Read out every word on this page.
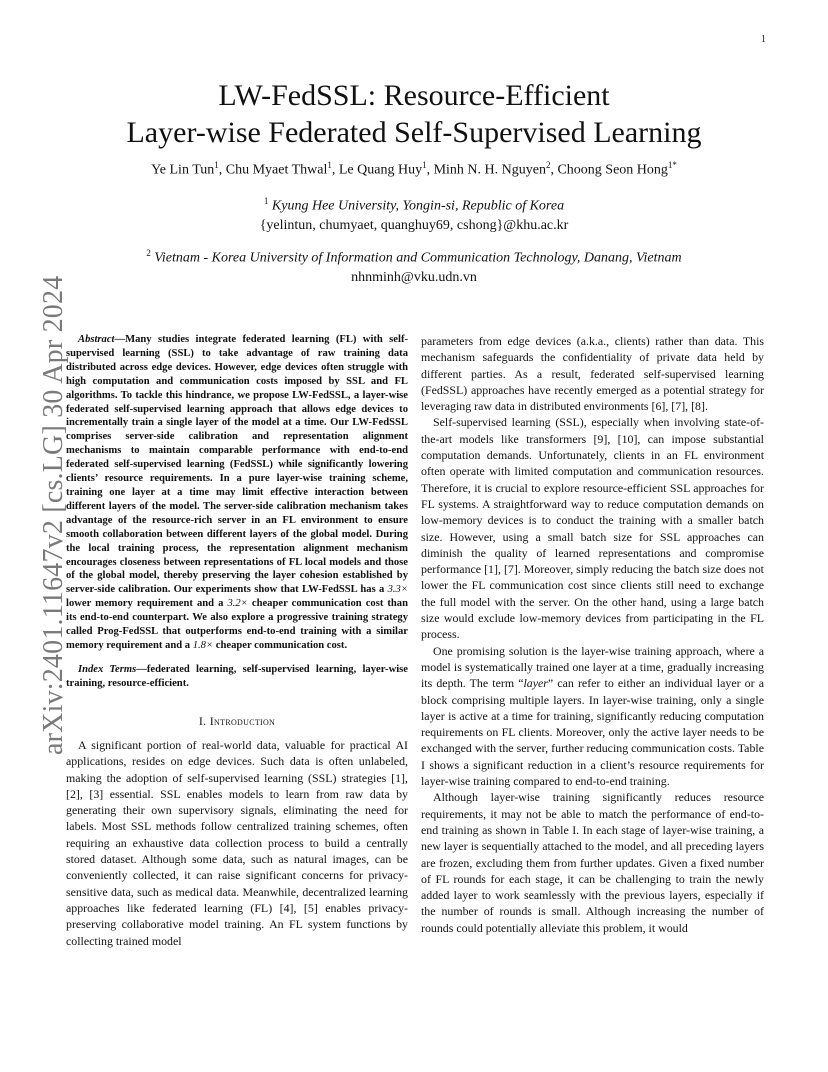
1
arXiv:2401.11647v2 [cs.LG] 30 Apr 2024
LW-FedSSL: Resource-Efficient
Layer-wise Federated Self-Supervised Learning
Ye Lin Tun$^1$, Chu Myaet Thwal$^1$, Le Quang Huy$^1$, Minh N. H. Nguyen$^2$, Choong Seon Hong$^{1*}$
$^1$ Kyung Hee University, Yongin-si, Republic of Korea
{yelintun, chumyaet, quanghuy69, cshong}@khu.ac.kr
$^2$ Vietnam - Korea University of Information and Communication Technology, Danang, Vietnam
nhnminh@vku.udn.vn

Abstract—Many studies integrate federated learning (FL) with self-supervised learning (SSL) to take advantage of raw training data distributed across edge devices. However, edge devices often struggle with high computation and communication costs imposed by SSL and FL algorithms. To tackle this hindrance, we propose LW-FedSSL, a layer-wise federated self-supervised learning approach that allows edge devices to incrementally train a single layer of the model at a time. Our LW-FedSSL comprises server-side calibration and representation alignment mechanisms to maintain comparable performance with end-to-end federated self-supervised learning (FedSSL) while significantly lowering clients’ resource requirements. In a pure layer-wise training scheme, training one layer at a time may limit effective interaction between different layers of the model. The server-side calibration mechanism takes advantage of the resource-rich server in an FL environment to ensure smooth collaboration between different layers of the global model. During the local training process, the representation alignment mechanism encourages closeness between representations of FL local models and those of the global model, thereby preserving the layer cohesion established by server-side calibration. Our experiments show that LW-FedSSL has a 3.3× lower memory requirement and a 3.2× cheaper communication cost than its end-to-end counterpart. We also explore a progressive training strategy called Prog-FedSSL that outperforms end-to-end training with a similar memory requirement and a 1.8× cheaper communication cost.

Index Terms—federated learning, self-supervised learning, layer-wise training, resource-efficient.

I. Introduction

A significant portion of real-world data, valuable for practical AI applications, resides on edge devices. Such data is often unlabeled, making the adoption of self-supervised learning (SSL) strategies [1], [2], [3] essential. SSL enables models to learn from raw data by generating their own supervisory signals, eliminating the need for labels. Most SSL methods follow centralized training schemes, often requiring an exhaustive data collection process to build a centrally stored dataset. Although some data, such as natural images, can be conveniently collected, it can raise significant concerns for privacy-sensitive data, such as medical data. Meanwhile, decentralized learning approaches like federated learning (FL) [4], [5] enables privacy-preserving collaborative model training. An FL system functions by collecting trained model

parameters from edge devices (a.k.a., clients) rather than data. This mechanism safeguards the confidentiality of private data held by different parties. As a result, federated self-supervised learning (FedSSL) approaches have recently emerged as a potential strategy for leveraging raw data in distributed environments [6], [7], [8].

Self-supervised learning (SSL), especially when involving state-of-the-art models like transformers [9], [10], can impose substantial computation demands. Unfortunately, clients in an FL environment often operate with limited computation and communication resources. Therefore, it is crucial to explore resource-efficient SSL approaches for FL systems. A straightforward way to reduce computation demands on low-memory devices is to conduct the training with a smaller batch size. However, using a small batch size for SSL approaches can diminish the quality of learned representations and compromise performance [1], [7]. Moreover, simply reducing the batch size does not lower the FL communication cost since clients still need to exchange the full model with the server. On the other hand, using a large batch size would exclude low-memory devices from participating in the FL process.

One promising solution is the layer-wise training approach, where a model is systematically trained one layer at a time, gradually increasing its depth. The term “layer” can refer to either an individual layer or a block comprising multiple layers. In layer-wise training, only a single layer is active at a time for training, significantly reducing computation requirements on FL clients. Moreover, only the active layer needs to be exchanged with the server, further reducing communication costs. Table I shows a significant reduction in a client’s resource requirements for layer-wise training compared to end-to-end training.

Although layer-wise training significantly reduces resource requirements, it may not be able to match the performance of end-to-end training as shown in Table I. In each stage of layer-wise training, a new layer is sequentially attached to the model, and all preceding layers are frozen, excluding them from further updates. Given a fixed number of FL rounds for each stage, it can be challenging to train the newly added layer to work seamlessly with the previous layers, especially if the number of rounds is small. Although increasing the number of rounds could potentially alleviate this problem, it would
